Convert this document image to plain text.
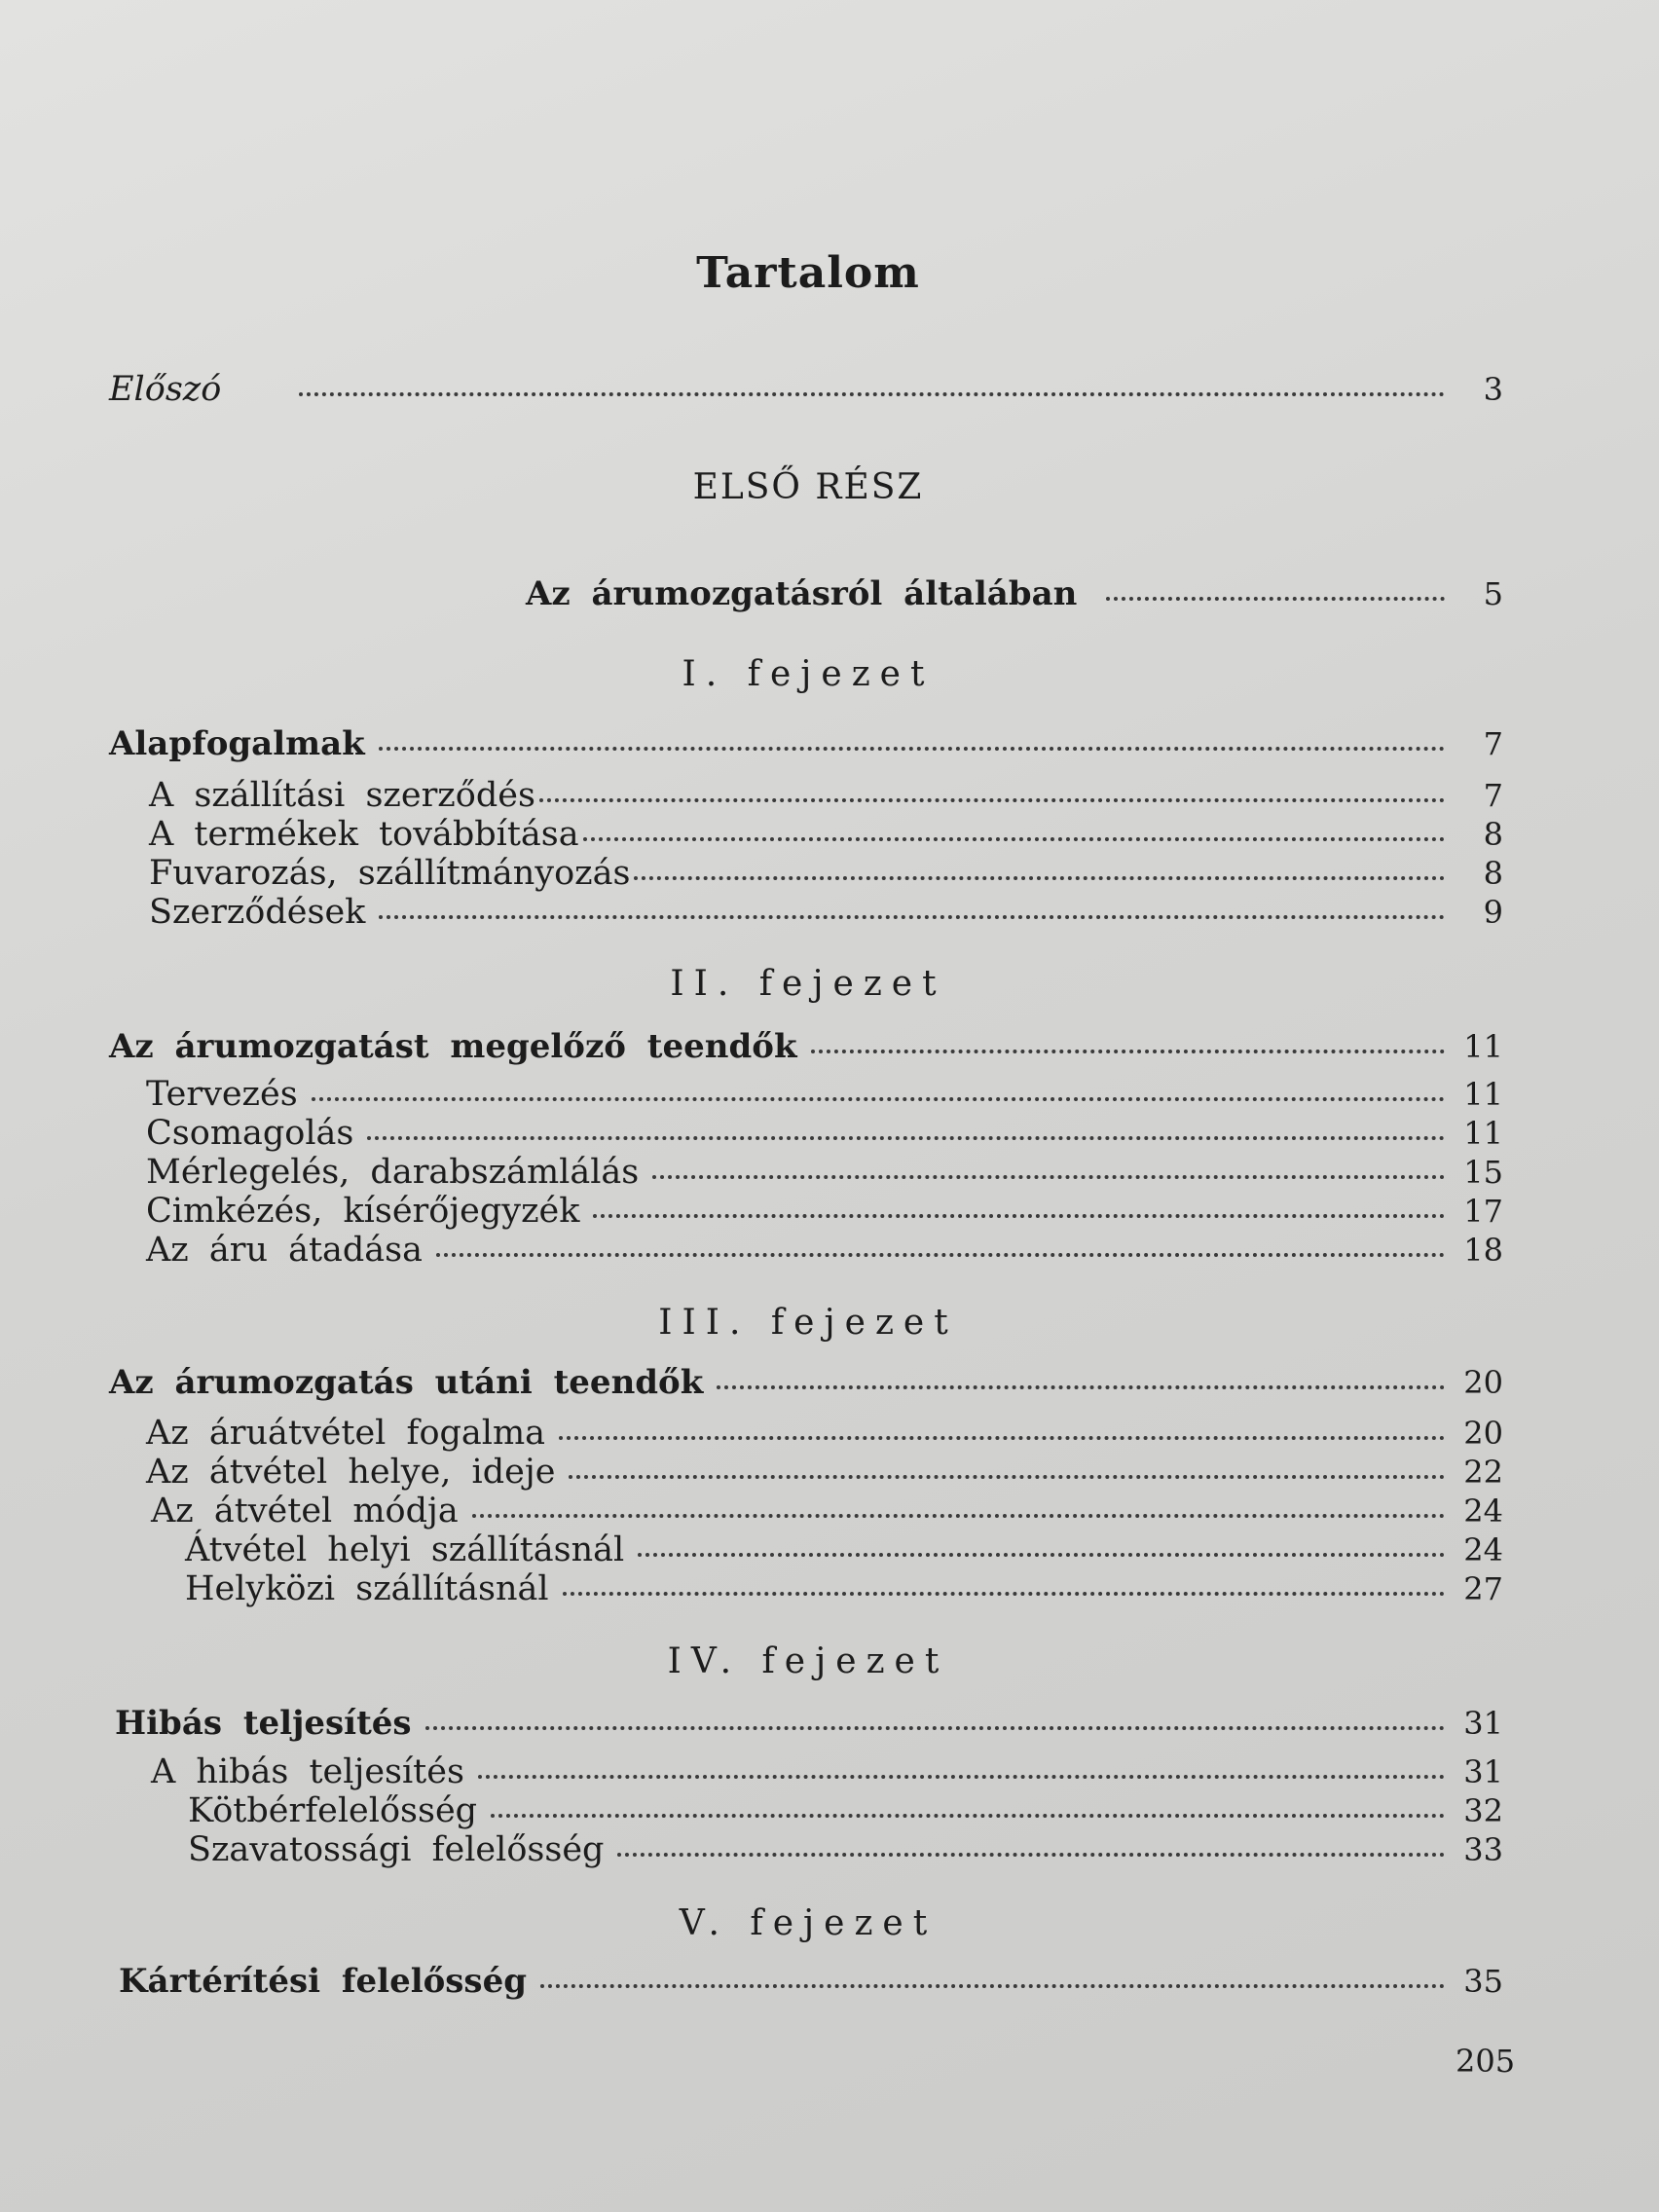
Tartalom
Előszó	3
ELSŐ RÉSZ
Az árumozgatásról általában	5
I. fejezet
Alapfogalmak	7
A szállítási szerződés	7
A termékek továbbítása	8
Fuvarozás, szállítmányozás	8
Szerződések	9
II. fejezet
Az árumozgatást megelőző teendők	11
Tervezés	11
Csomagolás	11
Mérlegelés, darabszámlálás	15
Cimkézés, kísérőjegyzék	17
Az áru átadása	18
III. fejezet
Az árumozgatás utáni teendők	20
Az áruátvétel fogalma	20
Az átvétel helye, ideje	22
Az átvétel módja	24
Átvétel helyi szállításnál	24
Helyközi szállításnál	27
IV. fejezet
Hibás teljesítés	31
A hibás teljesítés	31
Kötbérfelelősség	32
Szavatossági felelősség	33
V. fejezet
Kártérítési felelősség	35
205
